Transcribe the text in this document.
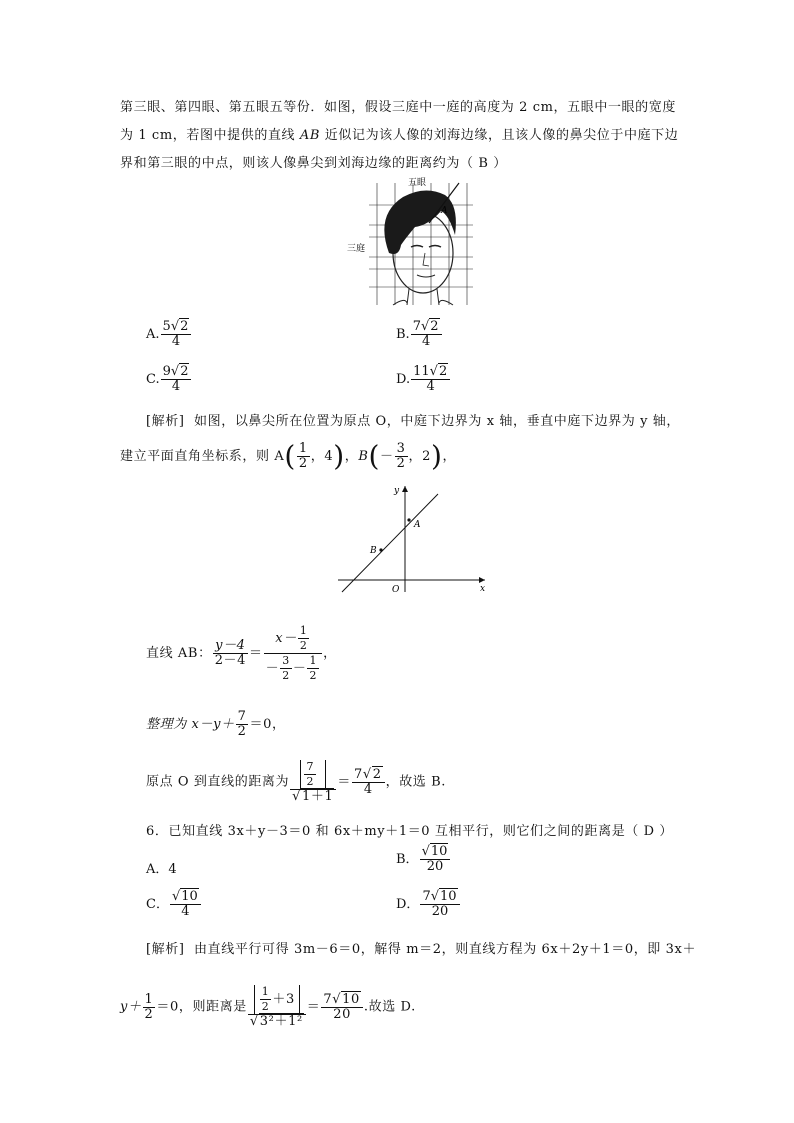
第三眼、第四眼、第五眼五等份．如图，假设三庭中一庭的高度为 2 cm，五眼中一眼的宽度
为 1 cm，若图中提供的直线 AB 近似记为该人像的刘海边缘，且该人像的鼻尖位于中庭下边
界和第三眼的中点，则该人像鼻尖到刘海边缘的距离约为（ B ）
五眼
三庭
A
A. $\frac{5√2}{4}$	B. $\frac{7√2}{4}$
C. $\frac{9√2}{4}$	D. $\frac{11√2}{4}$
[解析] 如图，以鼻尖所在位置为原点 O，中庭下边界为 x 轴，垂直中庭下边界为 y 轴，
建立平面直角坐标系，则 $A( \frac{1}{2}$ ，4)，$B(- \frac{3}{2}$ ，2)，
A
B
O	x
y
直线 AB： $\frac{y-4}{2-4} = \frac{x- \frac{1}{2}}{- \frac{3}{2} - \frac{1}{2}}$ ，
整理为 $x-y+ \frac{7}{2} =0$，
原点 O 到直线的距离为 $\frac{\frac{7}{2}}{√1+1} = \frac{7√2}{4}$ ，故选 B.
6．已知直线 3x＋y－3＝0 和 6x＋my＋1＝0 互相平行，则它们之间的距离是（ D ）
A．4
B． $\frac{√10}{20}$
C． $\frac{√10}{4}$	D． $\frac{7√10}{20}$
[解析] 由直线平行可得 3m－6＝0，解得 m＝2，则直线方程为 6x＋2y＋1＝0，即 3x＋
$y+ \frac{1}{2} =0$，则距离是 $\frac{\frac{1}{2} +3}{\text{√3²＋1²}} = \frac{7√10}{20}$ .故选 D.
